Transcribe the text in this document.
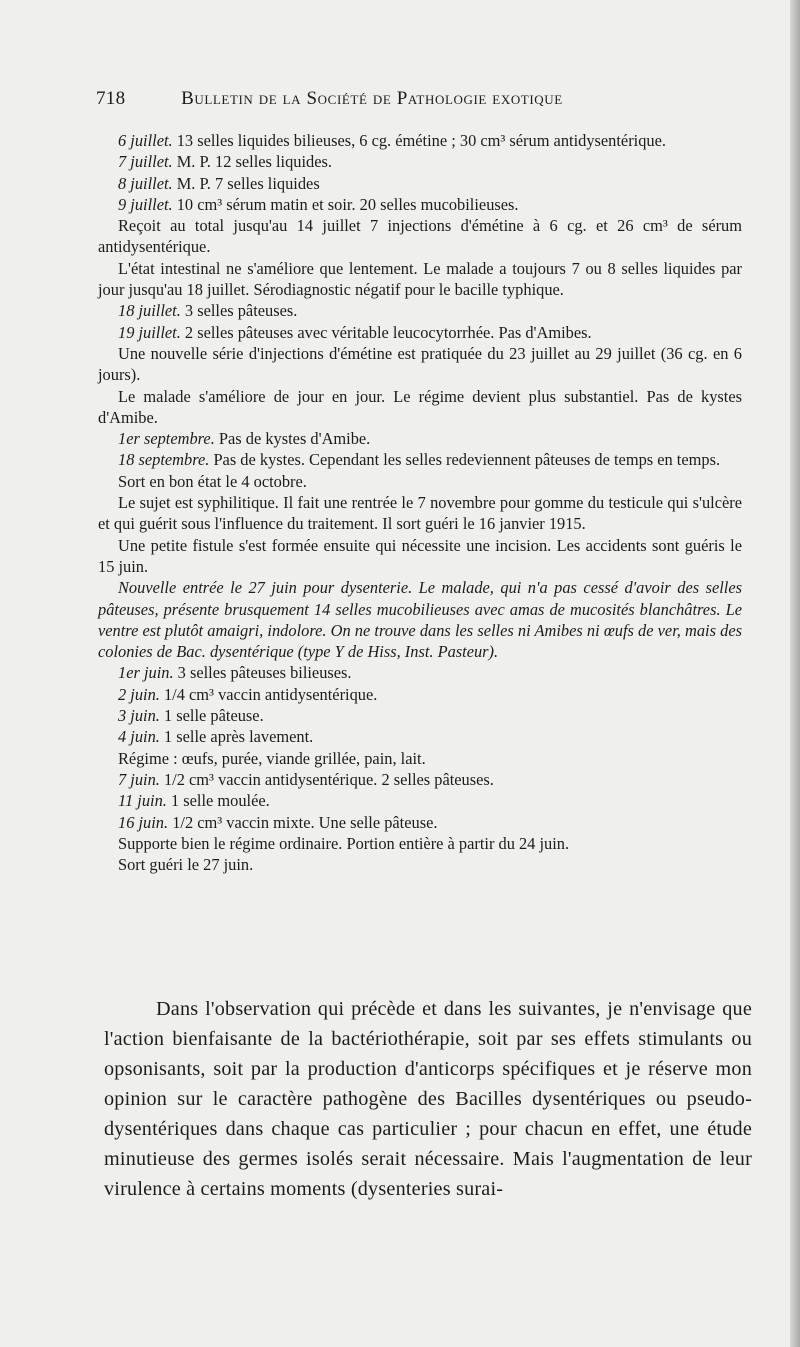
718	Bulletin de la Société de Pathologie exotique

6 juillet. 13 selles liquides bilieuses, 6 cg. émétine ; 30 cm³ sérum antidysentérique.

7 juillet. M. P. 12 selles liquides.

8 juillet. M. P. 7 selles liquides

9 juillet. 10 cm³ sérum matin et soir. 20 selles mucobilieuses.

Reçoit au total jusqu'au 14 juillet 7 injections d'émétine à 6 cg. et 26 cm³ de sérum antidysentérique.

L'état intestinal ne s'améliore que lentement. Le malade a toujours 7 ou 8 selles liquides par jour jusqu'au 18 juillet. Sérodiagnostic négatif pour le bacille typhique.

18 juillet. 3 selles pâteuses.

19 juillet. 2 selles pâteuses avec véritable leucocytorrhée. Pas d'Amibes.

Une nouvelle série d'injections d'émétine est pratiquée du 23 juillet au 29 juillet (36 cg. en 6 jours).

Le malade s'améliore de jour en jour. Le régime devient plus substantiel. Pas de kystes d'Amibe.

1er septembre. Pas de kystes d'Amibe.

18 septembre. Pas de kystes. Cependant les selles redeviennent pâteuses de temps en temps.

Sort en bon état le 4 octobre.

Le sujet est syphilitique. Il fait une rentrée le 7 novembre pour gomme du testicule qui s'ulcère et qui guérit sous l'influence du traitement. Il sort guéri le 16 janvier 1915.

Une petite fistule s'est formée ensuite qui nécessite une incision. Les accidents sont guéris le 15 juin.

Nouvelle entrée le 27 juin pour dysenterie. Le malade, qui n'a pas cessé d'avoir des selles pâteuses, présente brusquement 14 selles mucobilieuses avec amas de mucosités blanchâtres. Le ventre est plutôt amaigri, indolore. On ne trouve dans les selles ni Amibes ni œufs de ver, mais des colonies de Bac. dysentérique (type Y de Hiss, Inst. Pasteur).

1er juin. 3 selles pâteuses bilieuses.

2 juin. 1/4 cm³ vaccin antidysentérique.

3 juin. 1 selle pâteuse.

4 juin. 1 selle après lavement.

Régime : œufs, purée, viande grillée, pain, lait.

7 juin. 1/2 cm³ vaccin antidysentérique. 2 selles pâteuses.

11 juin. 1 selle moulée.

16 juin. 1/2 cm³ vaccin mixte. Une selle pâteuse.

Supporte bien le régime ordinaire. Portion entière à partir du 24 juin.

Sort guéri le 27 juin.

Dans l'observation qui précède et dans les suivantes, je n'envisage que l'action bienfaisante de la bactériothérapie, soit par ses effets stimulants ou opsonisants, soit par la production d'anticorps spécifiques et je réserve mon opinion sur le caractère pathogène des Bacilles dysentériques ou pseudo-dysentériques dans chaque cas particulier ; pour chacun en effet, une étude minutieuse des germes isolés serait nécessaire. Mais l'augmentation de leur virulence à certains moments (dysenteries surai-
